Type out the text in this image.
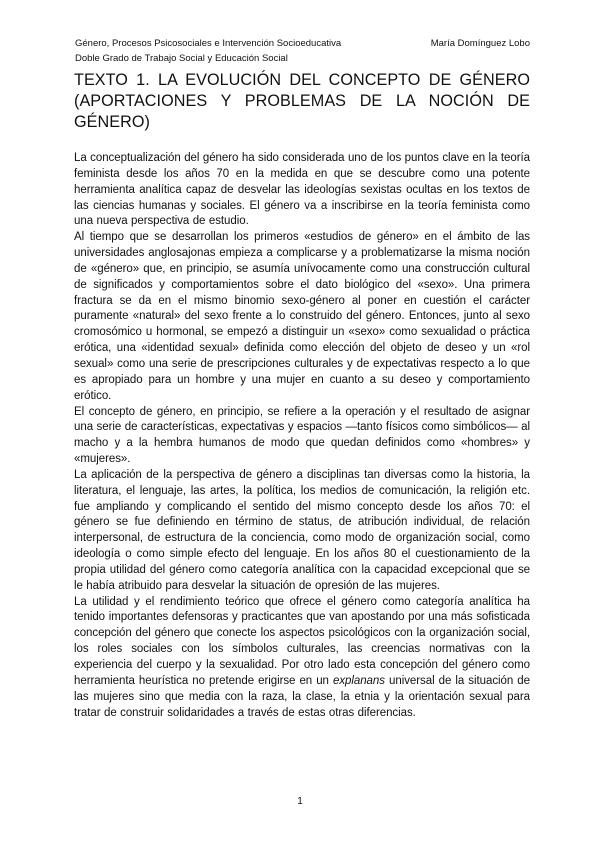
Género, Procesos Psicosociales e Intervención Socioeducativa	María Domínguez Lobo
Doble Grado de Trabajo Social y Educación Social
TEXTO 1. LA EVOLUCIÓN DEL CONCEPTO DE GÉNERO (APORTACIONES Y PROBLEMAS DE LA NOCIÓN DE GÉNERO)

La conceptualización del género ha sido considerada uno de los puntos clave en la teoría feminista desde los años 70 en la medida en que se descubre como una potente herramienta analítica capaz de desvelar las ideologías sexistas ocultas en los textos de las ciencias humanas y sociales. El género va a inscribirse en la teoría feminista como una nueva perspectiva de estudio.

Al tiempo que se desarrollan los primeros «estudios de género» en el ámbito de las universidades anglosajonas empieza a complicarse y a problematizarse la misma noción de «género» que, en principio, se asumía unívocamente como una construcción cultural de significados y comportamientos sobre el dato biológico del «sexo». Una primera fractura se da en el mismo binomio sexo-género al poner en cuestión el carácter puramente «natural» del sexo frente a lo construido del género. Entonces, junto al sexo cromosómico u hormonal, se empezó a distinguir un «sexo» como sexualidad o práctica erótica, una «identidad sexual» definida como elección del objeto de deseo y un «rol sexual» como una serie de prescripciones culturales y de expectativas respecto a lo que es apropiado para un hombre y una mujer en cuanto a su deseo y comportamiento erótico.

El concepto de género, en principio, se refiere a la operación y el resultado de asignar una serie de características, expectativas y espacios —tanto físicos como simbólicos— al macho y a la hembra humanos de modo que quedan definidos como «hombres» y «mujeres».

La aplicación de la perspectiva de género a disciplinas tan diversas como la historia, la literatura, el lenguaje, las artes, la política, los medios de comunicación, la religión etc. fue ampliando y complicando el sentido del mismo concepto desde los años 70: el género se fue definiendo en término de status, de atribución individual, de relación interpersonal, de estructura de la conciencia, como modo de organización social, como ideología o como simple efecto del lenguaje. En los años 80 el cuestionamiento de la propia utilidad del género como categoría analítica con la capacidad excepcional que se le había atribuido para desvelar la situación de opresión de las mujeres.

La utilidad y el rendimiento teórico que ofrece el género como categoría analítica ha tenido importantes defensoras y practicantes que van apostando por una más sofisticada concepción del género que conecte los aspectos psicológicos con la organización social, los roles sociales con los símbolos culturales, las creencias normativas con la experiencia del cuerpo y la sexualidad. Por otro lado esta concepción del género como herramienta heurística no pretende erigirse en un explanans universal de la situación de las mujeres sino que media con la raza, la clase, la etnia y la orientación sexual para tratar de construir solidaridades a través de estas otras diferencias.

1
